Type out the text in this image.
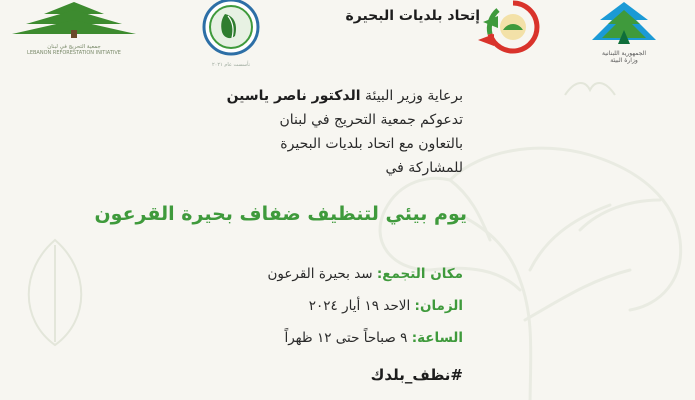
جمعية التحريج في لبنان
LEBANON REFORESTATION INITIATIVE
تأسست عام ٢٠٢١
إتحاد بلديات البحيرة
الجمهورية اللبنانية
وزارة البيئة
برعاية وزير البيئة الدكتور ناصر ياسين
تدعوكم جمعية التحريج في لبنان
بالتعاون مع اتحاد بلديات البحيرة
للمشاركة في
يوم بيئي لتنظيف ضفاف بحيرة القرعون
مكان التجمع: سد بحيرة القرعون
الزمان: الاحد ١٩ أيار ٢٠٢٤
الساعة: ٩ صباحاً حتى ١٢ ظهراً
#نظف_بلدك
